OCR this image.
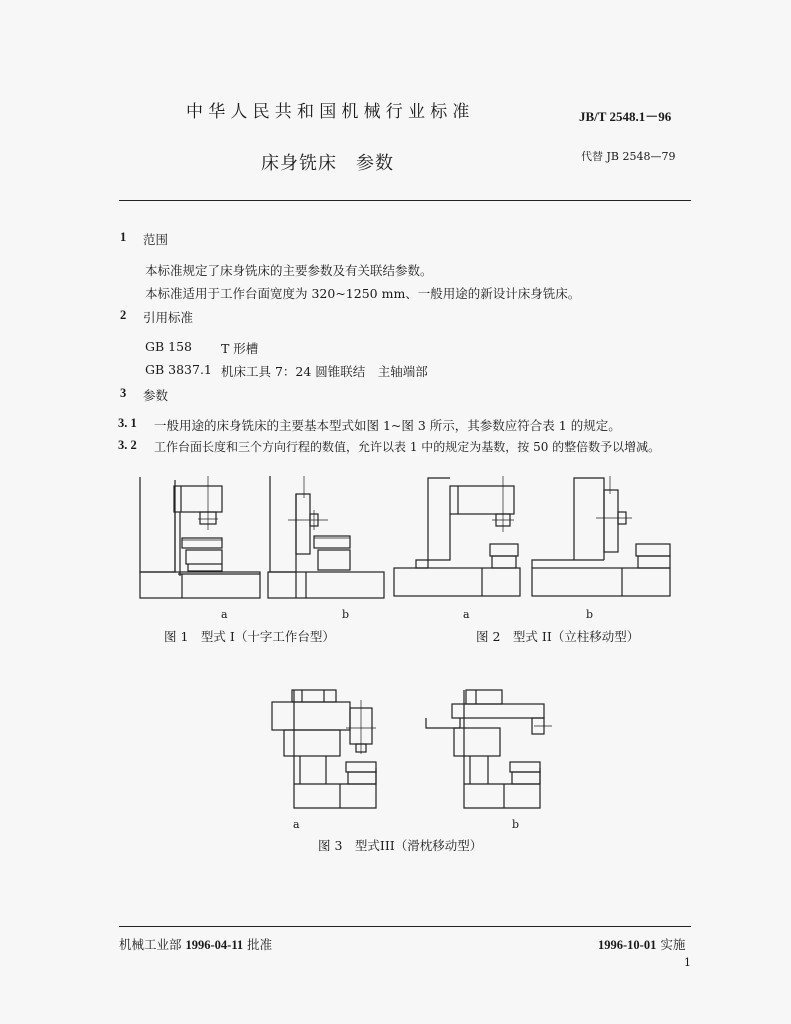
中华人民共和国机械行业标准	JB/T 2548.1－96
床身铣床　参数	代替 JB 2548—79
1 范围
本标准规定了床身铣床的主要参数及有关联结参数。
本标准适用于工作台面宽度为 320~1250 mm、一般用途的新设计床身铣床。
2 引用标准
GB 158 T 形槽
GB 3837.1 机床工具 7：24 圆锥联结　主轴端部
3 参数
3. 1 一般用途的床身铣床的主要基本型式如图 1~图 3 所示，其参数应符合表 1 的规定。
3. 2 工作台面长度和三个方向行程的数值，允许以表 1 中的规定为基数，按 50 的整倍数予以增减。
a	b	a	b
图 1　型式 I（十字工作台型）	图 2　型式 II（立柱移动型）
a	b
图 3　型式III（滑枕移动型）
机械工业部 1996-04-11 批准	1996-10-01 实施
1
